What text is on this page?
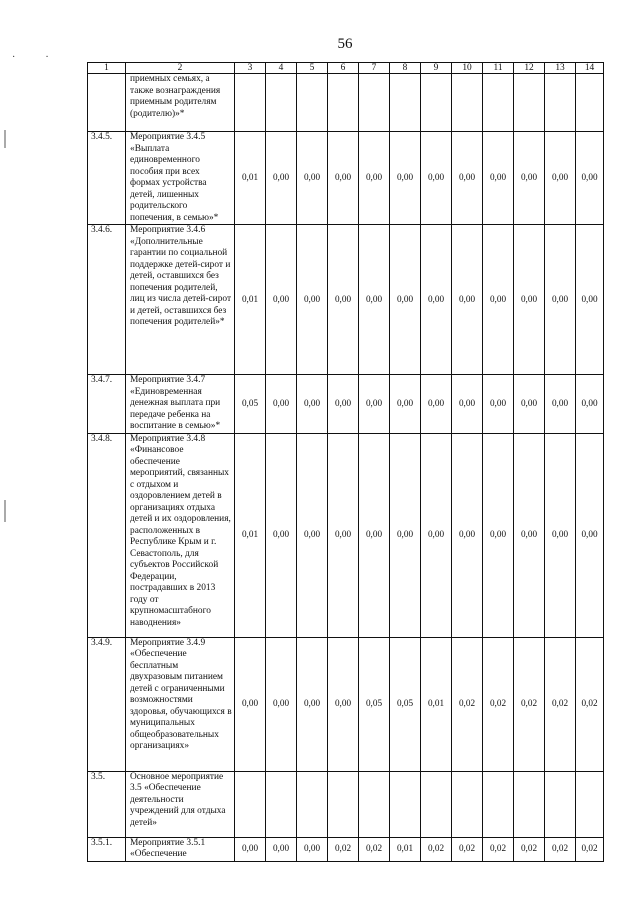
56
··
1	2	3	4	5	6	7	8	9	10	11	12	13	14
	приемных семьях, а также вознаграждения приемным родителям (родителю)»*												
3.4.5.	Мероприятие 3.4.5 «Выплата единовременного пособия при всех формах устройства детей, лишенных родительского попечения, в семью»*	0,01	0,00	0,00	0,00	0,00	0,00	0,00	0,00	0,00	0,00	0,00	0,00
3.4.6.	Мероприятие 3.4.6 «Дополнительные гарантии по социальной поддержке детей-сирот и детей, оставшихся без попечения родителей, лиц из числа детей-сирот и детей, оставшихся без попечения родителей»*	0,01	0,00	0,00	0,00	0,00	0,00	0,00	0,00	0,00	0,00	0,00	0,00
3.4.7.	Мероприятие 3.4.7 «Единовременная денежная выплата при передаче ребенка на воспитание в семью»*	0,05	0,00	0,00	0,00	0,00	0,00	0,00	0,00	0,00	0,00	0,00	0,00
3.4.8.	Мероприятие 3.4.8 «Финансовое обеспечение мероприятий, связанных с отдыхом и оздоровлением детей в организациях отдыха детей и их оздоровления, расположенных в Республике Крым и г. Севастополь, для субъектов Российской Федерации, пострадавших в 2013 году от крупномасштабного наводнения»	0,01	0,00	0,00	0,00	0,00	0,00	0,00	0,00	0,00	0,00	0,00	0,00
3.4.9.	Мероприятие 3.4.9 «Обеспечение бесплатным двухразовым питанием детей с ограниченными возможностями здоровья, обучающихся в муниципальных общеобразовательных организациях»	0,00	0,00	0,00	0,00	0,05	0,05	0,01	0,02	0,02	0,02	0,02	0,02
3.5.	Основное мероприятие 3.5 «Обеспечение деятельности учреждений для отдыха детей»												
3.5.1.	Мероприятие 3.5.1 «Обеспечение	0,00	0,00	0,00	0,02	0,02	0,01	0,02	0,02	0,02	0,02	0,02	0,02
